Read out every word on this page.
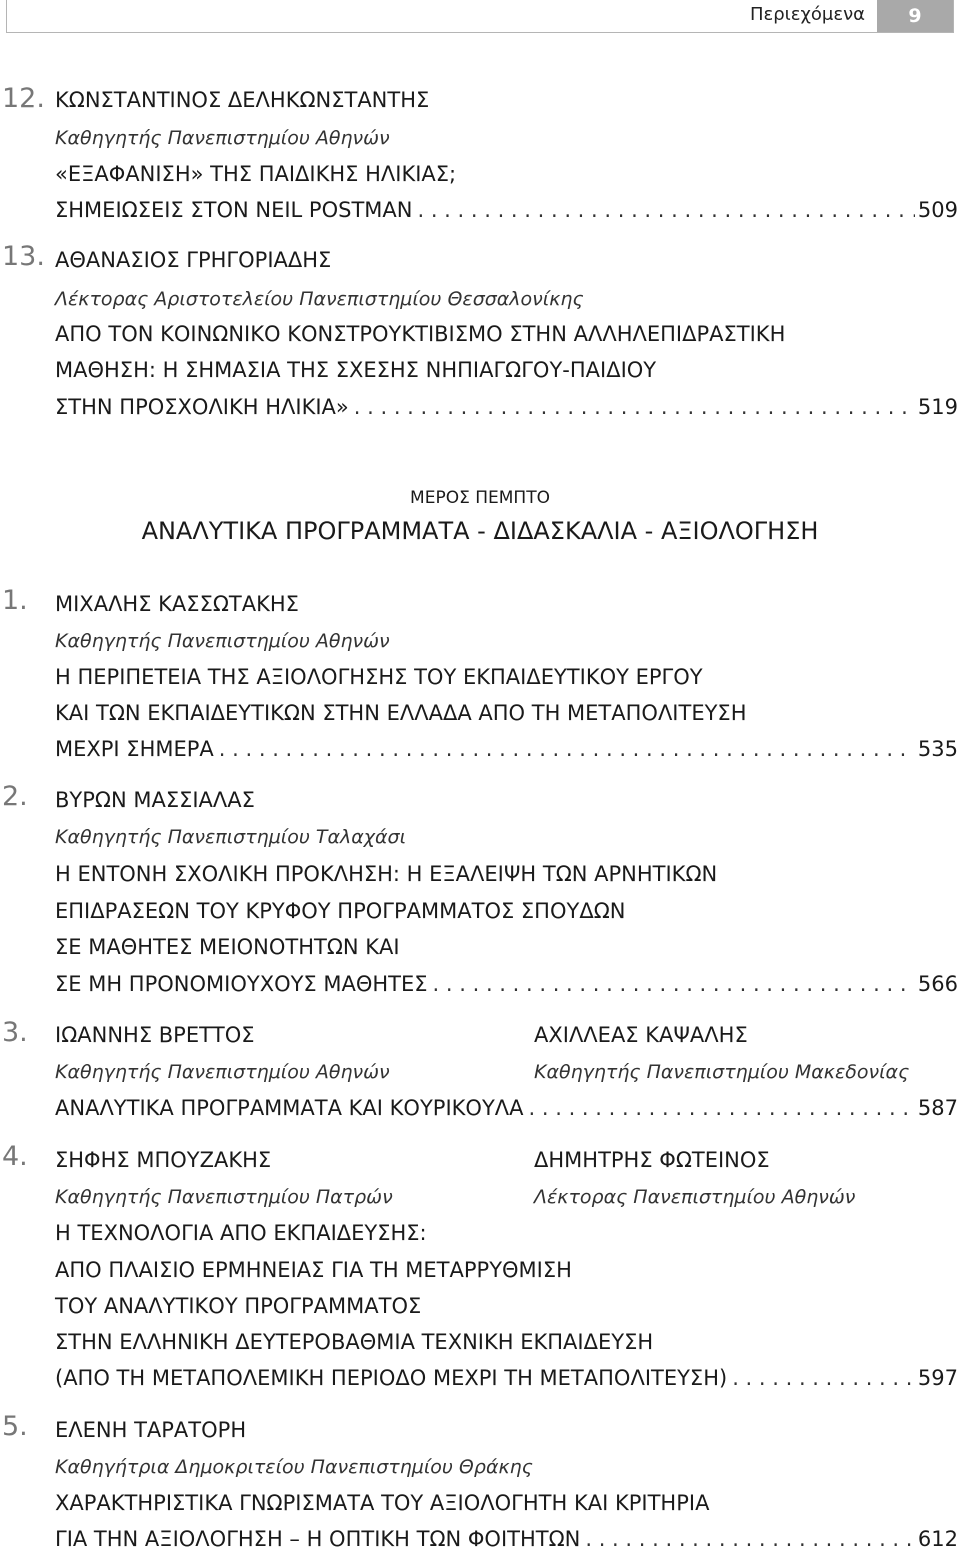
Περιεχόμενα	9
12. ΚΩΝΣΤΑΝΤΙΝΟΣ ΔΕΛΗΚΩΝΣΤΑΝΤΗΣ
Καθηγητής Πανεπιστημίου Αθηνών
«ΕΞΑΦΑΝΙΣΗ» ΤΗΣ ΠΑΙΔΙΚΗΣ ΗΛΙΚΙΑΣ;
ΣΗΜΕΙΩΣΕΙΣ ΣΤΟΝ NEIL POSTMAN . . .	509
13. ΑΘΑΝΑΣΙΟΣ ΓΡΗΓΟΡΙΑΔΗΣ
Λέκτορας Αριστοτελείου Πανεπιστημίου Θεσσαλονίκης
ΑΠΟ ΤΟΝ ΚΟΙΝΩΝΙΚΟ ΚΟΝΣΤΡΟΥΚΤΙΒΙΣΜΟ ΣΤΗΝ ΑΛΛΗΛΕΠΙΔΡΑΣΤΙΚΗ
ΜΑΘΗΣΗ: Η ΣΗΜΑΣΙΑ ΤΗΣ ΣΧΕΣΗΣ ΝΗΠΙΑΓΩΓΟΥ-ΠΑΙΔΙΟΥ
ΣΤΗΝ ΠΡΟΣΧΟΛΙΚΗ ΗΛΙΚΙΑ» . . .	519
ΜΕΡΟΣ ΠΕΜΠΤΟ
ΑΝΑΛΥΤΙΚΑ ΠΡΟΓΡΑΜΜΑΤΑ - ΔΙΔΑΣΚΑΛΙΑ - ΑΞΙΟΛΟΓΗΣΗ
1.	ΜΙΧΑΛΗΣ ΚΑΣΣΩΤΑΚΗΣ
Καθηγητής Πανεπιστημίου Αθηνών
Η ΠΕΡΙΠΕΤΕΙΑ ΤΗΣ ΑΞΙΟΛΟΓΗΣΗΣ ΤΟΥ ΕΚΠΑΙΔΕΥΤΙΚΟΥ ΕΡΓΟΥ
ΚΑΙ ΤΩΝ ΕΚΠΑΙΔΕΥΤΙΚΩΝ ΣΤΗΝ ΕΛΛΑΔΑ ΑΠΟ ΤΗ ΜΕΤΑΠΟΛΙΤΕΥΣΗ
ΜΕΧΡΙ ΣΗΜΕΡΑ . . .	535
2.	ΒΥΡΩΝ ΜΑΣΣΙΑΛΑΣ
Καθηγητής Πανεπιστημίου Ταλαχάσι
Η ΕΝΤΟΝΗ ΣΧΟΛΙΚΗ ΠΡΟΚΛΗΣΗ: Η ΕΞΑΛΕΙΨΗ ΤΩΝ ΑΡΝΗΤΙΚΩΝ
ΕΠΙΔΡΑΣΕΩΝ ΤΟΥ ΚΡΥΦΟΥ ΠΡΟΓΡΑΜΜΑΤΟΣ ΣΠΟΥΔΩΝ
ΣΕ ΜΑΘΗΤΕΣ ΜΕΙΟΝΟΤΗΤΩΝ ΚΑΙ
ΣΕ ΜΗ ΠΡΟΝΟΜΙΟΥΧΟΥΣ ΜΑΘΗΤΕΣ . . .	566
3.	ΙΩΑΝΝΗΣ ΒΡΕΤΤΟΣ	ΑΧΙΛΛΕΑΣ ΚΑΨΑΛΗΣ
Καθηγητής Πανεπιστημίου Αθηνών	Καθηγητής Πανεπιστημίου Μακεδονίας
ΑΝΑΛΥΤΙΚΑ ΠΡΟΓΡΑΜΜΑΤΑ ΚΑΙ ΚΟΥΡΙΚΟΥΛΑ . . .	587
4.	ΣΗΦΗΣ ΜΠΟΥΖΑΚΗΣ	ΔΗΜΗΤΡΗΣ ΦΩΤΕΙΝΟΣ
Καθηγητής Πανεπιστημίου Πατρών	Λέκτορας Πανεπιστημίου Αθηνών
Η ΤΕΧΝΟΛΟΓΙΑ ΑΠΟ ΕΚΠΑΙΔΕΥΣΗΣ:
ΑΠΟ ΠΛΑΙΣΙΟ ΕΡΜΗΝΕΙΑΣ ΓΙΑ ΤΗ ΜΕΤΑΡΡΥΘΜΙΣΗ
ΤΟΥ ΑΝΑΛΥΤΙΚΟΥ ΠΡΟΓΡΑΜΜΑΤΟΣ
ΣΤΗΝ ΕΛΛΗΝΙΚΗ ΔΕΥΤΕΡΟΒΑΘΜΙΑ ΤΕΧΝΙΚΗ ΕΚΠΑΙΔΕΥΣΗ
(ΑΠΟ ΤΗ ΜΕΤΑΠΟΛΕΜΙΚΗ ΠΕΡΙΟΔΟ ΜΕΧΡΙ ΤΗ ΜΕΤΑΠΟΛΙΤΕΥΣΗ) . . .	597
5.	ΕΛΕΝΗ ΤΑΡΑΤΟΡΗ
Καθηγήτρια Δημοκριτείου Πανεπιστημίου Θράκης
ΧΑΡΑΚΤΗΡΙΣΤΙΚΑ ΓΝΩΡΙΣΜΑΤΑ ΤΟΥ ΑΞΙΟΛΟΓΗΤΗ ΚΑΙ ΚΡΙΤΗΡΙΑ
ΓΙΑ ΤΗΝ ΑΞΙΟΛΟΓΗΣΗ – Η ΟΠΤΙΚΗ ΤΩΝ ΦΟΙΤΗΤΩΝ . . .	612
